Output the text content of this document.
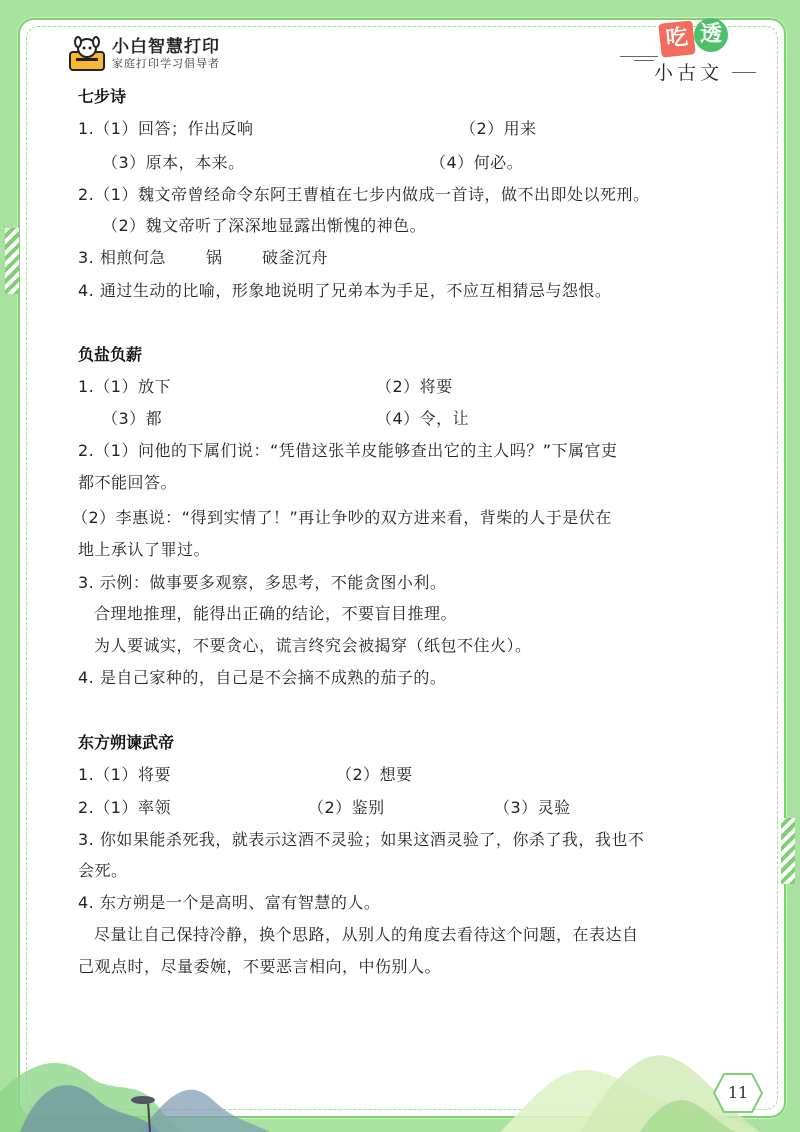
小白智慧打印
家庭打印学习倡导者
吃 透
小古文
七步诗
1.（1）回答；作出反响	（2）用来
（3）原本，本来。	（4）何必。
2.（1）魏文帝曾经命令东阿王曹植在七步内做成一首诗，做不出即处以死刑。
（2）魏文帝听了深深地显露出惭愧的神色。
3. 相煎何急	锅 破釜沉舟
4. 通过生动的比喻，形象地说明了兄弟本为手足，不应互相猜忌与怨恨。
负盐负薪
1.（1）放下	（2）将要
（3）都	（4）令，让
2.（1）问他的下属们说：“凭借这张羊皮能够查出它的主人吗？”下属官吏
都不能回答。
（2）李惠说：“得到实情了！”再让争吵的双方进来看，背柴的人于是伏在
地上承认了罪过。
3. 示例：做事要多观察，多思考，不能贪图小利。
合理地推理，能得出正确的结论，不要盲目推理。
为人要诚实，不要贪心，谎言终究会被揭穿（纸包不住火）。
4. 是自己家种的，自己是不会摘不成熟的茄子的。
东方朔谏武帝
1.（1）将要	（2）想要
2.（1）率领	（2）鉴别	（3）灵验
3. 你如果能杀死我，就表示这酒不灵验；如果这酒灵验了，你杀了我，我也不
会死。
4. 东方朔是一个是高明、富有智慧的人。
尽量让自己保持冷静，换个思路，从别人的角度去看待这个问题，在表达自
己观点时，尽量委婉，不要恶言相向，中伤别人。
11
